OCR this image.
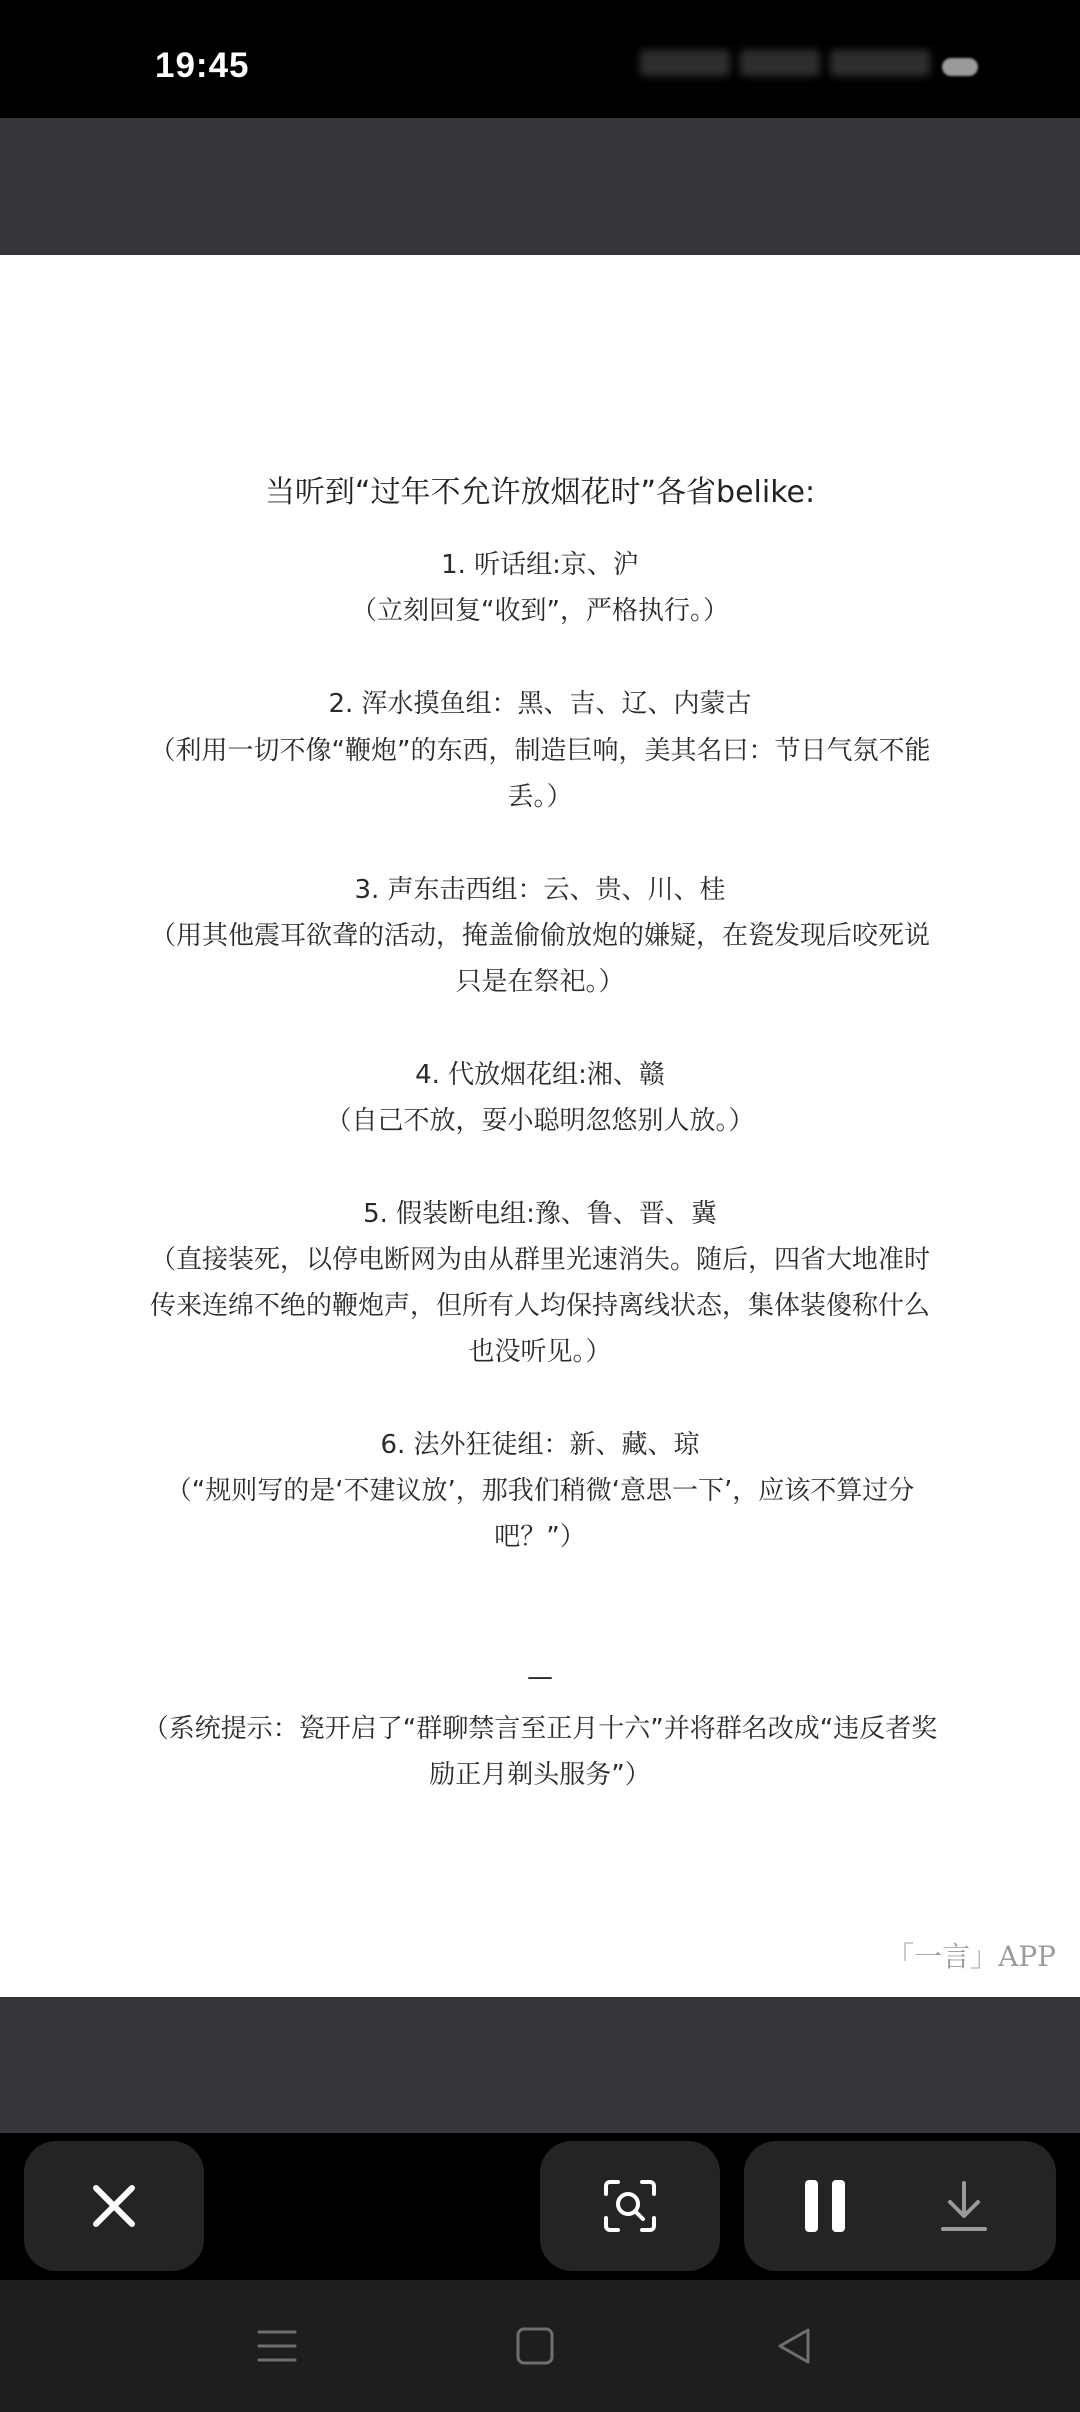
19:45
当听到“过年不允许放烟花时”各省belike:
1. 听话组:京、沪
（立刻回复“收到”，严格执行。）
2. 浑水摸鱼组：黑、吉、辽、内蒙古
（利用一切不像“鞭炮”的东西，制造巨响，美其名曰：节日气氛不能
丢。）
3. 声东击西组：云、贵、川、桂
（用其他震耳欲聋的活动，掩盖偷偷放炮的嫌疑，在瓷发现后咬死说
只是在祭祀。）
4. 代放烟花组:湘、赣
（自己不放，耍小聪明忽悠别人放。）
5. 假装断电组:豫、鲁、晋、冀
（直接装死，以停电断网为由从群里光速消失。随后，四省大地准时
传来连绵不绝的鞭炮声，但所有人均保持离线状态，集体装傻称什么
也没听见。）
6. 法外狂徒组：新、藏、琼
（“规则写的是‘不建议放’，那我们稍微‘意思一下’，应该不算过分
吧？”）
—
（系统提示：瓷开启了“群聊禁言至正月十六”并将群名改成“违反者奖
励正月剃头服务”）
「一言」APP
